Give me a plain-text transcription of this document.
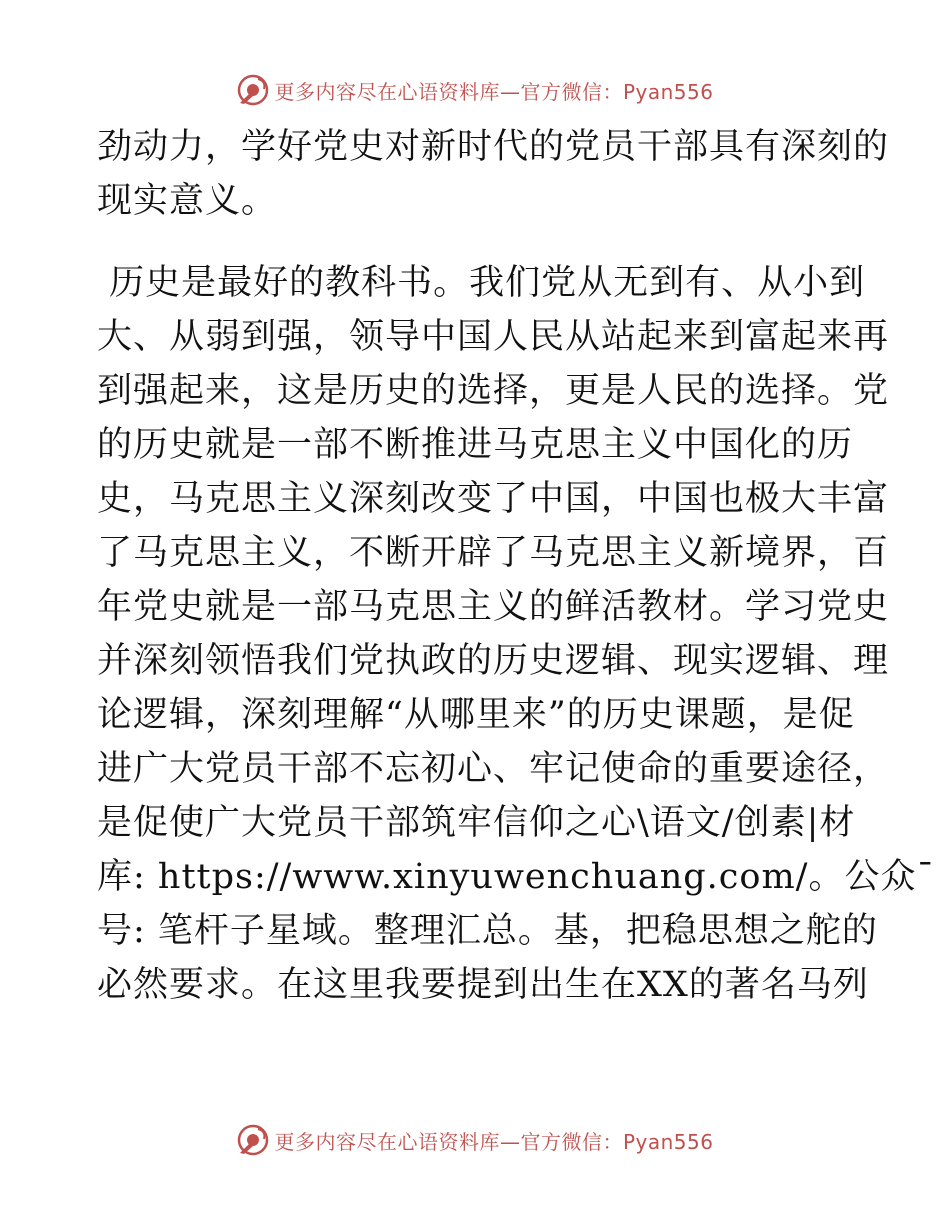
更多内容尽在心语资料库—官方微信：Pyan556

劲动力，学好党史对新时代的党员干部具有深刻的
现实意义。

历史是最好的教科书。我们党从无到有、从小到
大、从弱到强，领导中国人民从站起来到富起来再
到强起来，这是历史的选择，更是人民的选择。党
的历史就是一部不断推进马克思主义中国化的历
史，马克思主义深刻改变了中国，中国也极大丰富
了马克思主义，不断开辟了马克思主义新境界，百
年党史就是一部马克思主义的鲜活教材。学习党史
并深刻领悟我们党执政的历史逻辑、现实逻辑、理
论逻辑，深刻理解“从哪里来”的历史课题，是促
进广大党员干部不忘初心、牢记使命的重要途径，
是促使广大党员干部筑牢信仰之心\语文/创素|材
库: https://www.xinyuwenchuang.com/。公众¯
号: 笔杆子星域。整理汇总。基，把稳思想之舵的
必然要求。在这里我要提到出生在XX的著名马列

更多内容尽在心语资料库—官方微信：Pyan556
